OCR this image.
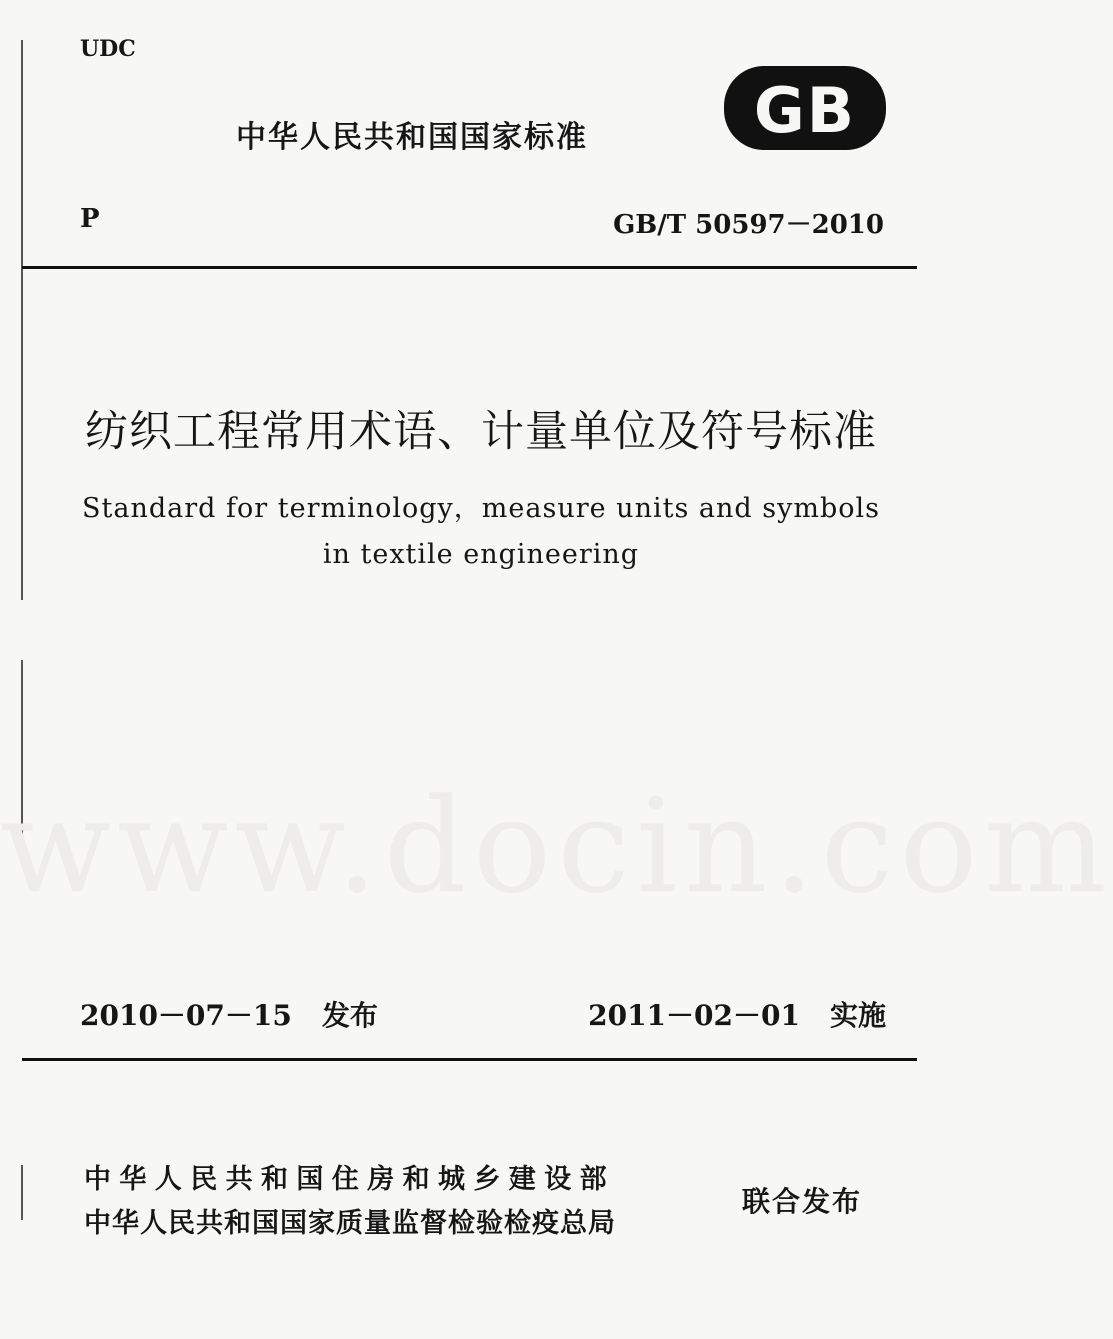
www.docin.com
UDC
中华人民共和国国家标准	GB
P	GB/T 50597－2010
纺织工程常用术语、计量单位及符号标准
Standard for terminology，measure units and symbols
in textile engineering
2010－07－15 发布	2011－02－01 实施
中华人民共和国住房和城乡建设部
中华人民共和国国家质量监督检验检疫总局
联合发布
